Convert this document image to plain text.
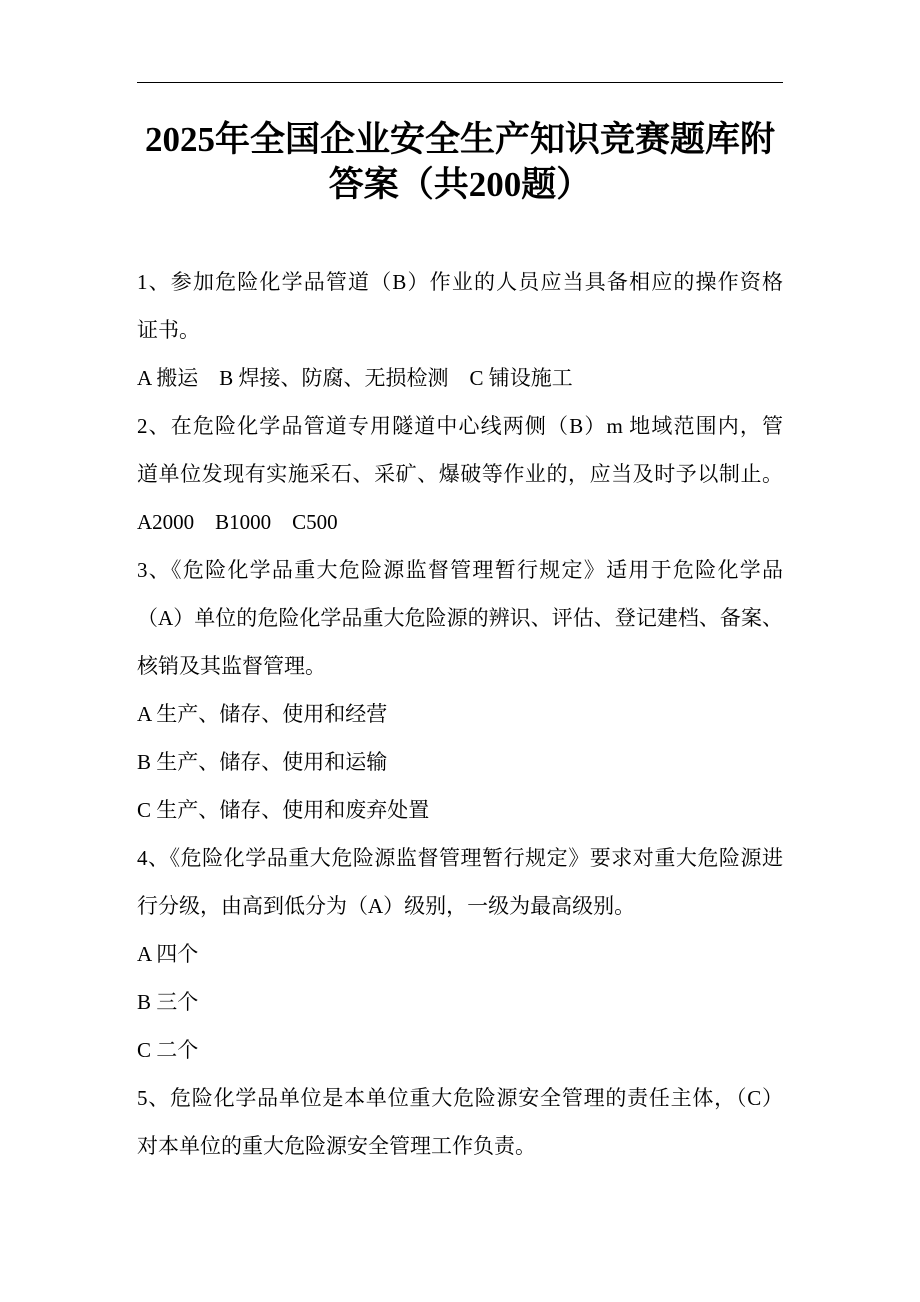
2025年全国企业安全生产知识竞赛题库附
答案（共200题）
1、参加危险化学品管道（B）作业的人员应当具备相应的操作资格
证书。
A 搬运　B 焊接、防腐、无损检测　C 铺设施工
2、在危险化学品管道专用隧道中心线两侧（B）m 地域范围内，管
道单位发现有实施采石、采矿、爆破等作业的，应当及时予以制止。
A2000　B1000　C500
3、《危险化学品重大危险源监督管理暂行规定》适用于危险化学品
（A）单位的危险化学品重大危险源的辨识、评估、登记建档、备案、
核销及其监督管理。
A 生产、储存、使用和经营
B 生产、储存、使用和运输
C 生产、储存、使用和废弃处置
4、《危险化学品重大危险源监督管理暂行规定》要求对重大危险源进
行分级，由高到低分为（A）级别，一级为最高级别。
A 四个
B 三个
C 二个
5、危险化学品单位是本单位重大危险源安全管理的责任主体，（C）
对本单位的重大危险源安全管理工作负责。
